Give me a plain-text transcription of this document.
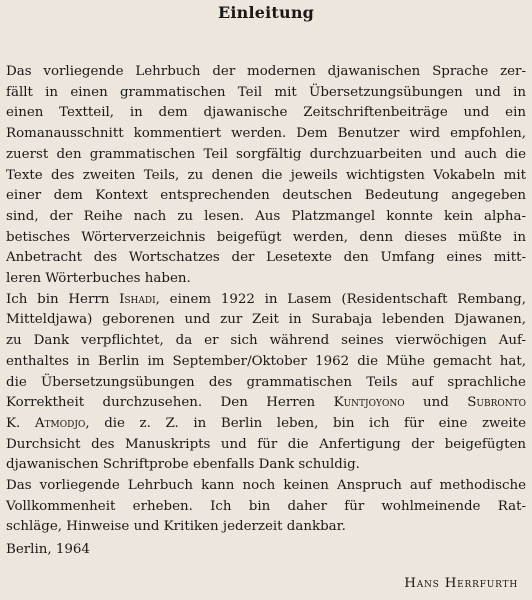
Einleitung
Das vorliegende Lehrbuch der modernen djawanischen Sprache zer-
fällt in einen grammatischen Teil mit Übersetzungsübungen und in
einen Textteil, in dem djawanische Zeitschriftenbeiträge und ein
Romanausschnitt kommentiert werden. Dem Benutzer wird empfohlen,
zuerst den grammatischen Teil sorgfältig durchzuarbeiten und auch die
Texte des zweiten Teils, zu denen die jeweils wichtigsten Vokabeln mit
einer dem Kontext entsprechenden deutschen Bedeutung angegeben
sind, der Reihe nach zu lesen. Aus Platzmangel konnte kein alpha-
betisches Wörterverzeichnis beigefügt werden, denn dieses müßte in
Anbetracht des Wortschatzes der Lesetexte den Umfang eines mitt-
leren Wörterbuches haben.
Ich bin Herrn Ishadi, einem 1922 in Lasem (Residentschaft Rembang,
Mitteldjawa) geborenen und zur Zeit in Surabaja lebenden Djawanen,
zu Dank verpflichtet, da er sich während seines vierwöchigen Auf-
enthaltes in Berlin im September/Oktober 1962 die Mühe gemacht hat,
die Übersetzungsübungen des grammatischen Teils auf sprachliche
Korrektheit durchzusehen. Den Herren Kuntjoyono und Subronto
K. Atmodjo, die z. Z. in Berlin leben, bin ich für eine zweite
Durchsicht des Manuskripts und für die Anfertigung der beigefügten
djawanischen Schriftprobe ebenfalls Dank schuldig.
Das vorliegende Lehrbuch kann noch keinen Anspruch auf methodische
Vollkommenheit erheben. Ich bin daher für wohlmeinende Rat-
schläge, Hinweise und Kritiken jederzeit dankbar.
Berlin, 1964
Hans Herrfurth
